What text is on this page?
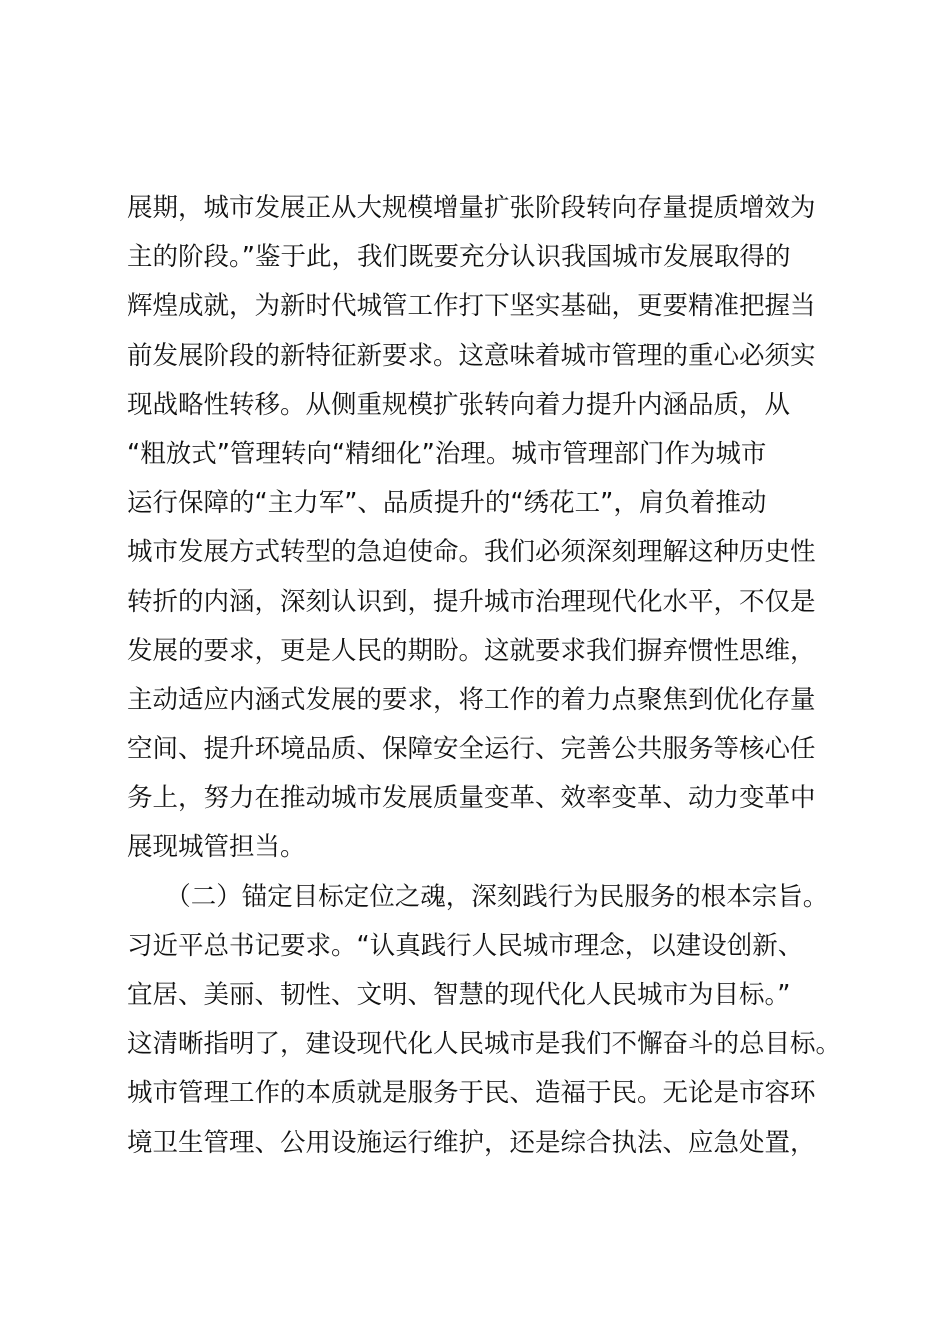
展期，城市发展正从大规模增量扩张阶段转向存量提质增效为
主的阶段。”鉴于此，我们既要充分认识我国城市发展取得的
辉煌成就，为新时代城管工作打下坚实基础，更要精准把握当
前发展阶段的新特征新要求。这意味着城市管理的重心必须实
现战略性转移。从侧重规模扩张转向着力提升内涵品质，从
“粗放式”管理转向“精细化”治理。城市管理部门作为城市
运行保障的“主力军”、品质提升的“绣花工”，肩负着推动
城市发展方式转型的急迫使命。我们必须深刻理解这种历史性
转折的内涵，深刻认识到，提升城市治理现代化水平，不仅是
发展的要求，更是人民的期盼。这就要求我们摒弃惯性思维，
主动适应内涵式发展的要求，将工作的着力点聚焦到优化存量
空间、提升环境品质、保障安全运行、完善公共服务等核心任
务上，努力在推动城市发展质量变革、效率变革、动力变革中
展现城管担当。
　　（二）锚定目标定位之魂，深刻践行为民服务的根本宗旨。
习近平总书记要求。“认真践行人民城市理念，以建设创新、
宜居、美丽、韧性、文明、智慧的现代化人民城市为目标。”
这清晰指明了，建设现代化人民城市是我们不懈奋斗的总目标。
城市管理工作的本质就是服务于民、造福于民。无论是市容环
境卫生管理、公用设施运行维护，还是综合执法、应急处置，
